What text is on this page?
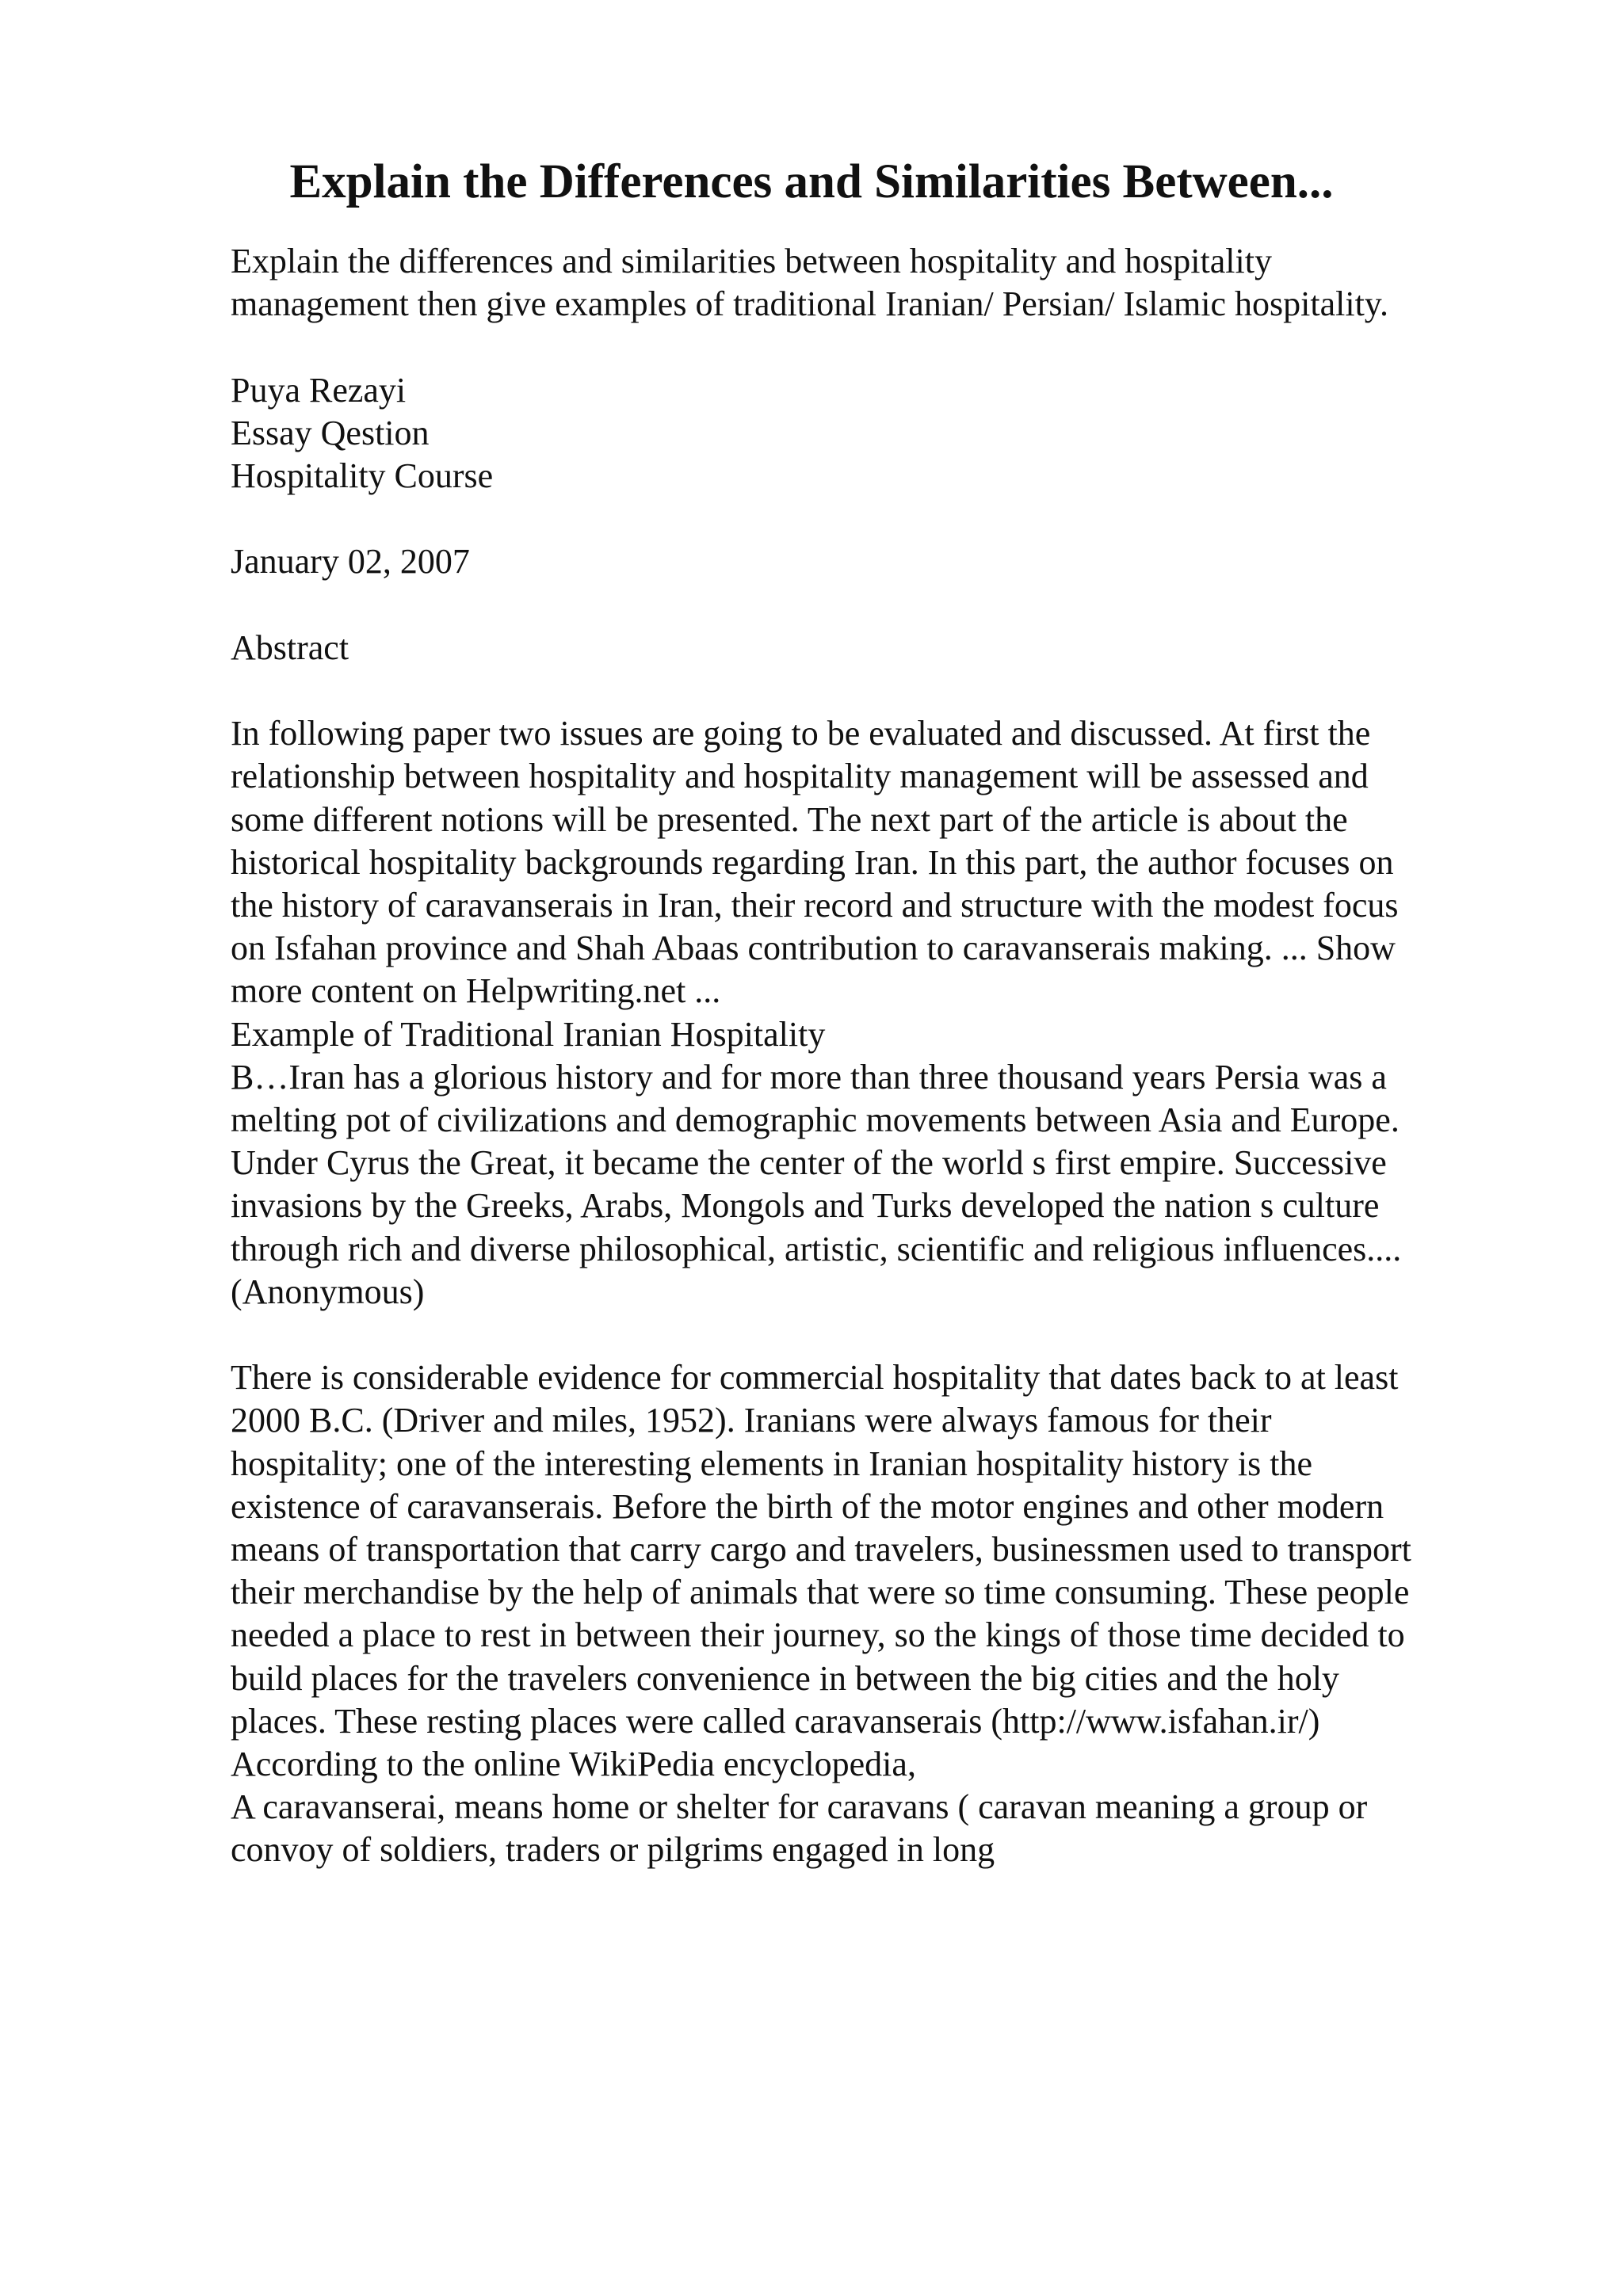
Explain the Differences and Similarities Between...
Explain the differences and similarities between hospitality and hospitality
management then give examples of traditional Iranian/ Persian/ Islamic hospitality.
Puya Rezayi
Essay Qestion
Hospitality Course
January 02, 2007
Abstract
In following paper two issues are going to be evaluated and discussed. At first the
relationship between hospitality and hospitality management will be assessed and
some different notions will be presented. The next part of the article is about the
historical hospitality backgrounds regarding Iran. In this part, the author focuses on
the history of caravanserais in Iran, their record and structure with the modest focus
on Isfahan province and Shah Abaas contribution to caravanserais making. ... Show
more content on Helpwriting.net ...
Example of Traditional Iranian Hospitality
B…Iran has a glorious history and for more than three thousand years Persia was a
melting pot of civilizations and demographic movements between Asia and Europe.
Under Cyrus the Great, it became the center of the world s first empire. Successive
invasions by the Greeks, Arabs, Mongols and Turks developed the nation s culture
through rich and diverse philosophical, artistic, scientific and religious influences....
(Anonymous)
There is considerable evidence for commercial hospitality that dates back to at least
2000 B.C. (Driver and miles, 1952). Iranians were always famous for their
hospitality; one of the interesting elements in Iranian hospitality history is the
existence of caravanserais. Before the birth of the motor engines and other modern
means of transportation that carry cargo and travelers, businessmen used to transport
their merchandise by the help of animals that were so time consuming. These people
needed a place to rest in between their journey, so the kings of those time decided to
build places for the travelers convenience in between the big cities and the holy
places. These resting places were called caravanserais (http://www.isfahan.ir/)
According to the online WikiPedia encyclopedia,
A caravanserai, means home or shelter for caravans ( caravan meaning a group or
convoy of soldiers, traders or pilgrims engaged in long
